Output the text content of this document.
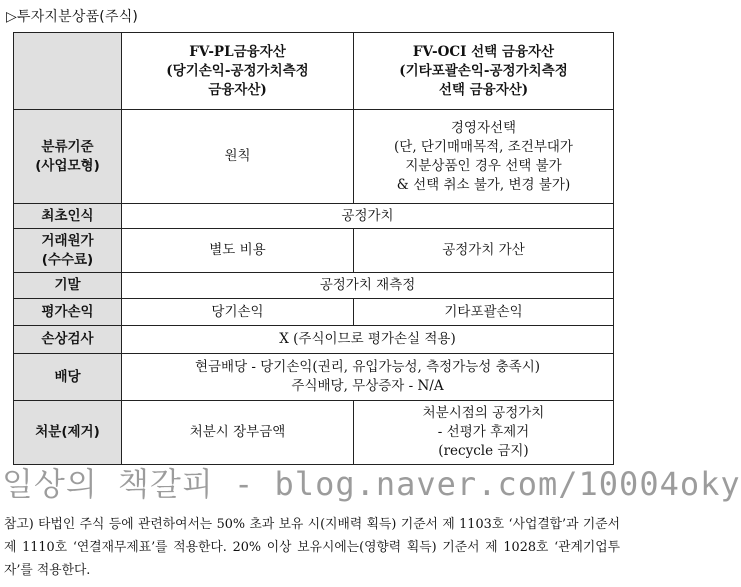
▷투자지분상품(주식)

	FV-PL금융자산
(당기손익-공정가치측정
금융자산)	FV-OCI 선택 금융자산
(기타포괄손익-공정가치측정
선택 금융자산)

분류기준
(사업모형)	원칙	경영자선택
(단, 단기매매목적, 조건부대가
지분상품인 경우 선택 불가
& 선택 취소 불가, 변경 불가)

최초인식	공정가치	

거래원가
(수수료)	별도 비용	공정가치 가산
기말	공정가치 재측정	
평가손익	당기손익	기타포괄손익
손상검사	X (주식이므로 평가손실 적용)	
배당	현금배당 - 당기손익(권리, 유입가능성, 측정가능성 충족시)
주식배당, 무상증자 - N/A	

처분(제거)	처분시 장부금액	처분시점의 공정가치
- 선평가 후제거
(recycle 금지)
일상의 책갈피 - blog.naver.com/10004oky
참고) 타법인 주식 등에 관련하여서는 50% 초과 보유 시(지배력 획득) 기준서 제 1103호 ‘사업결합’과 기준서 제 1110호 ‘연결재무제표’를 적용한다. 20% 이상 보유시에는(영향력 획득) 기준서 제 1028호 ‘관계기업투자’를 적용한다.
